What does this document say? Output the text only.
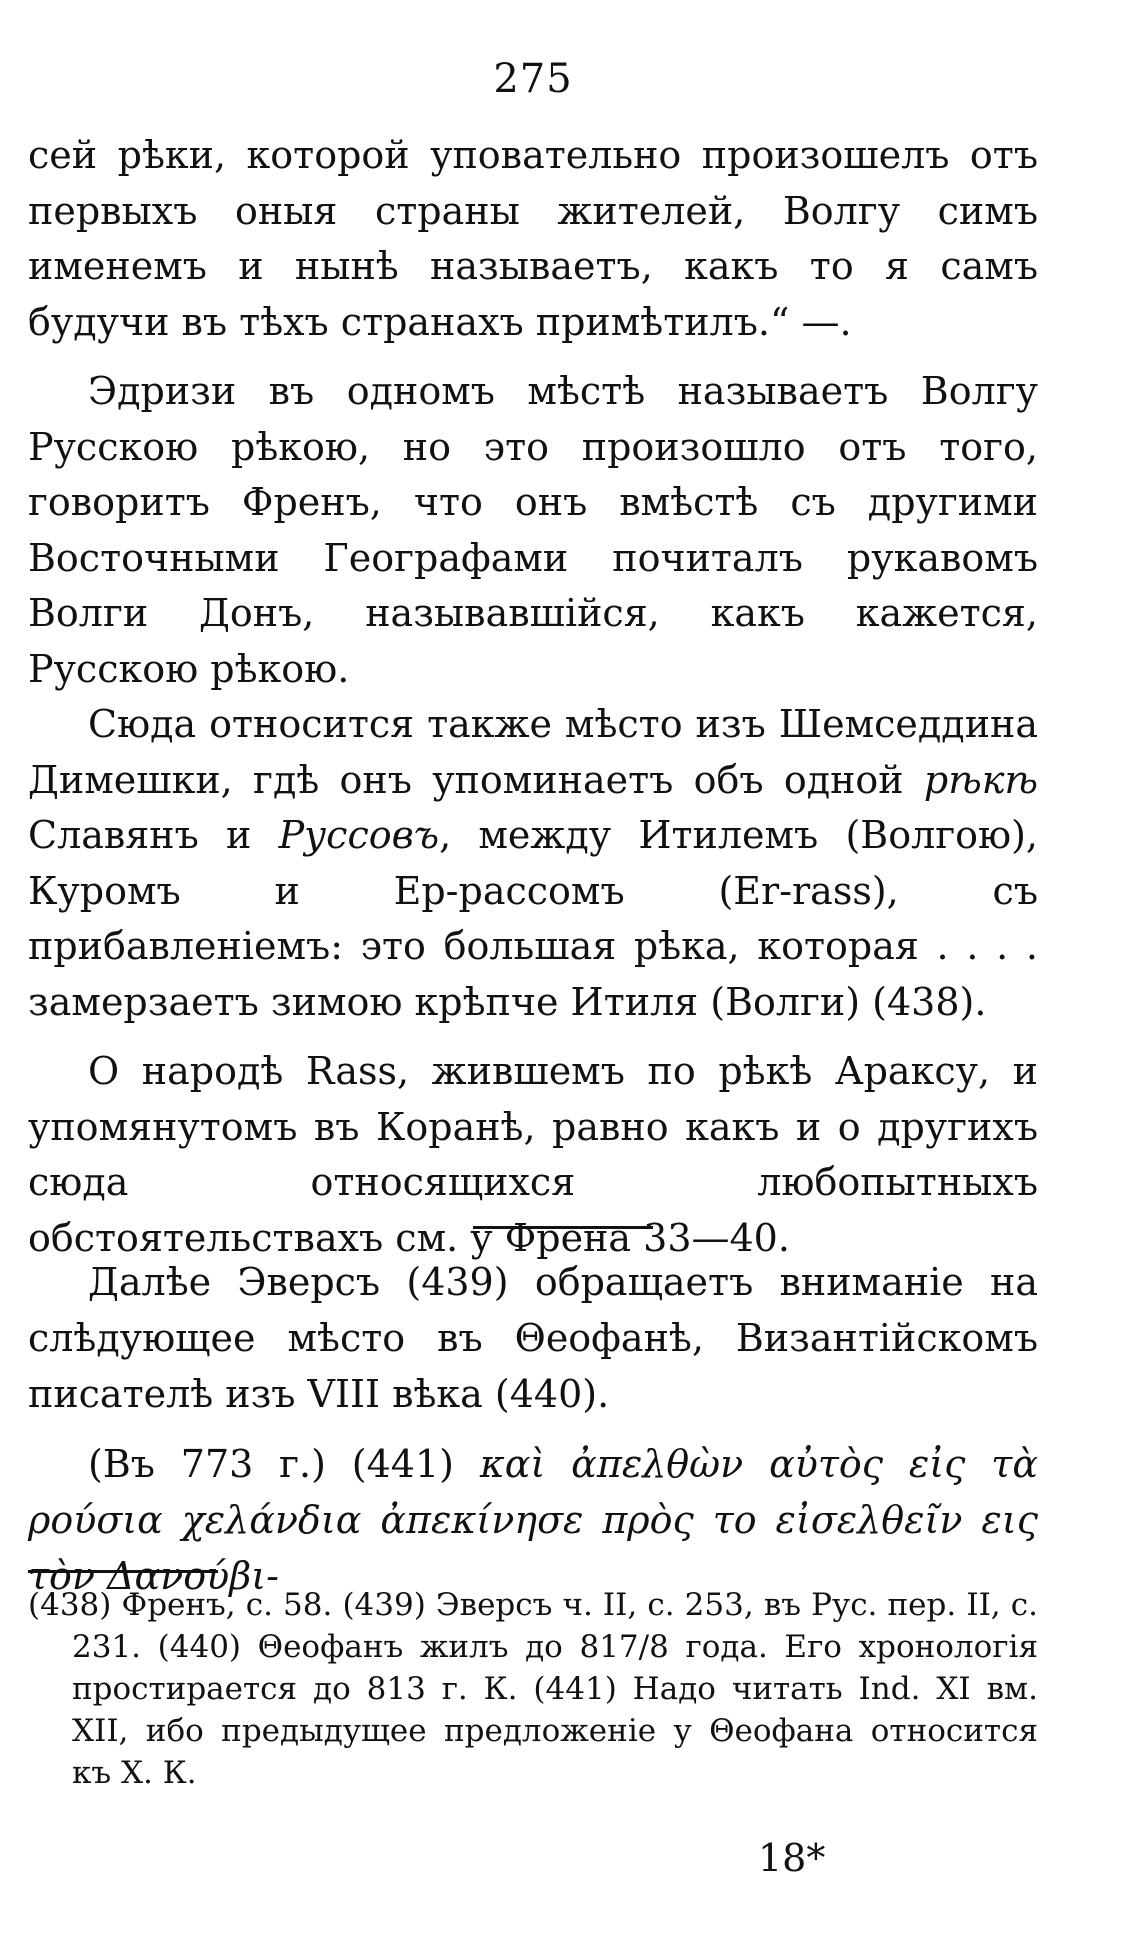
275

сей рѣки, которой уповательно произошелъ отъ первыхъ оныя страны жителей, Волгу симъ именемъ и нынѣ называетъ, какъ то я самъ будучи въ тѣхъ странахъ примѣтилъ.“ —.

Эдризи въ одномъ мѣстѣ называетъ Волгу Русскою рѣкою, но это произошло отъ того, говоритъ Френъ, что онъ вмѣстѣ съ другими Восточными Географами почиталъ рукавомъ Волги Донъ, называвшійся, какъ кажется, Русскою рѣкою.

Сюда относится также мѣсто изъ Шемседдина Димешки, гдѣ онъ упоминаетъ объ одной рѣкѣ Славянъ и Руссовъ, между Итилемъ (Волгою), Куромъ и Ер-рассомъ (Er-rass), съ прибавленіемъ: это большая рѣка, которая . . . . замерзаетъ зимою крѣпче Итиля (Волги) (438).

О народѣ Rass, жившемъ по рѣкѣ Араксу, и упомянутомъ въ Коранѣ, равно какъ и о другихъ сюда относящихся любопытныхъ обстоятельствахъ см. у Френа 33—40.

Далѣе Эверсъ (439) обращаетъ вниманіе на слѣдующее мѣсто въ Θеофанѣ, Византійскомъ писателѣ изъ VIII вѣка (440).

(Въ 773 г.) (441) καὶ ἀπελθὼν αὐτὸς εἰς τὰ ρούσια χελάνδια ἀπεκίνησε πρὸς το εἰσελθεῖν εις τὸν Δανούβι-

(438) Френъ, с. 58. (439) Эверсъ ч. II, с. 253, въ Рус. пер. II, с. 231. (440) Θеофанъ жилъ до 817/8 года. Его хронологія простирается до 813 г. К. (441) Надо читать Ind. XI вм. XII, ибо предыдущее предложеніе у Θеофана относится къ X. К.

18*
